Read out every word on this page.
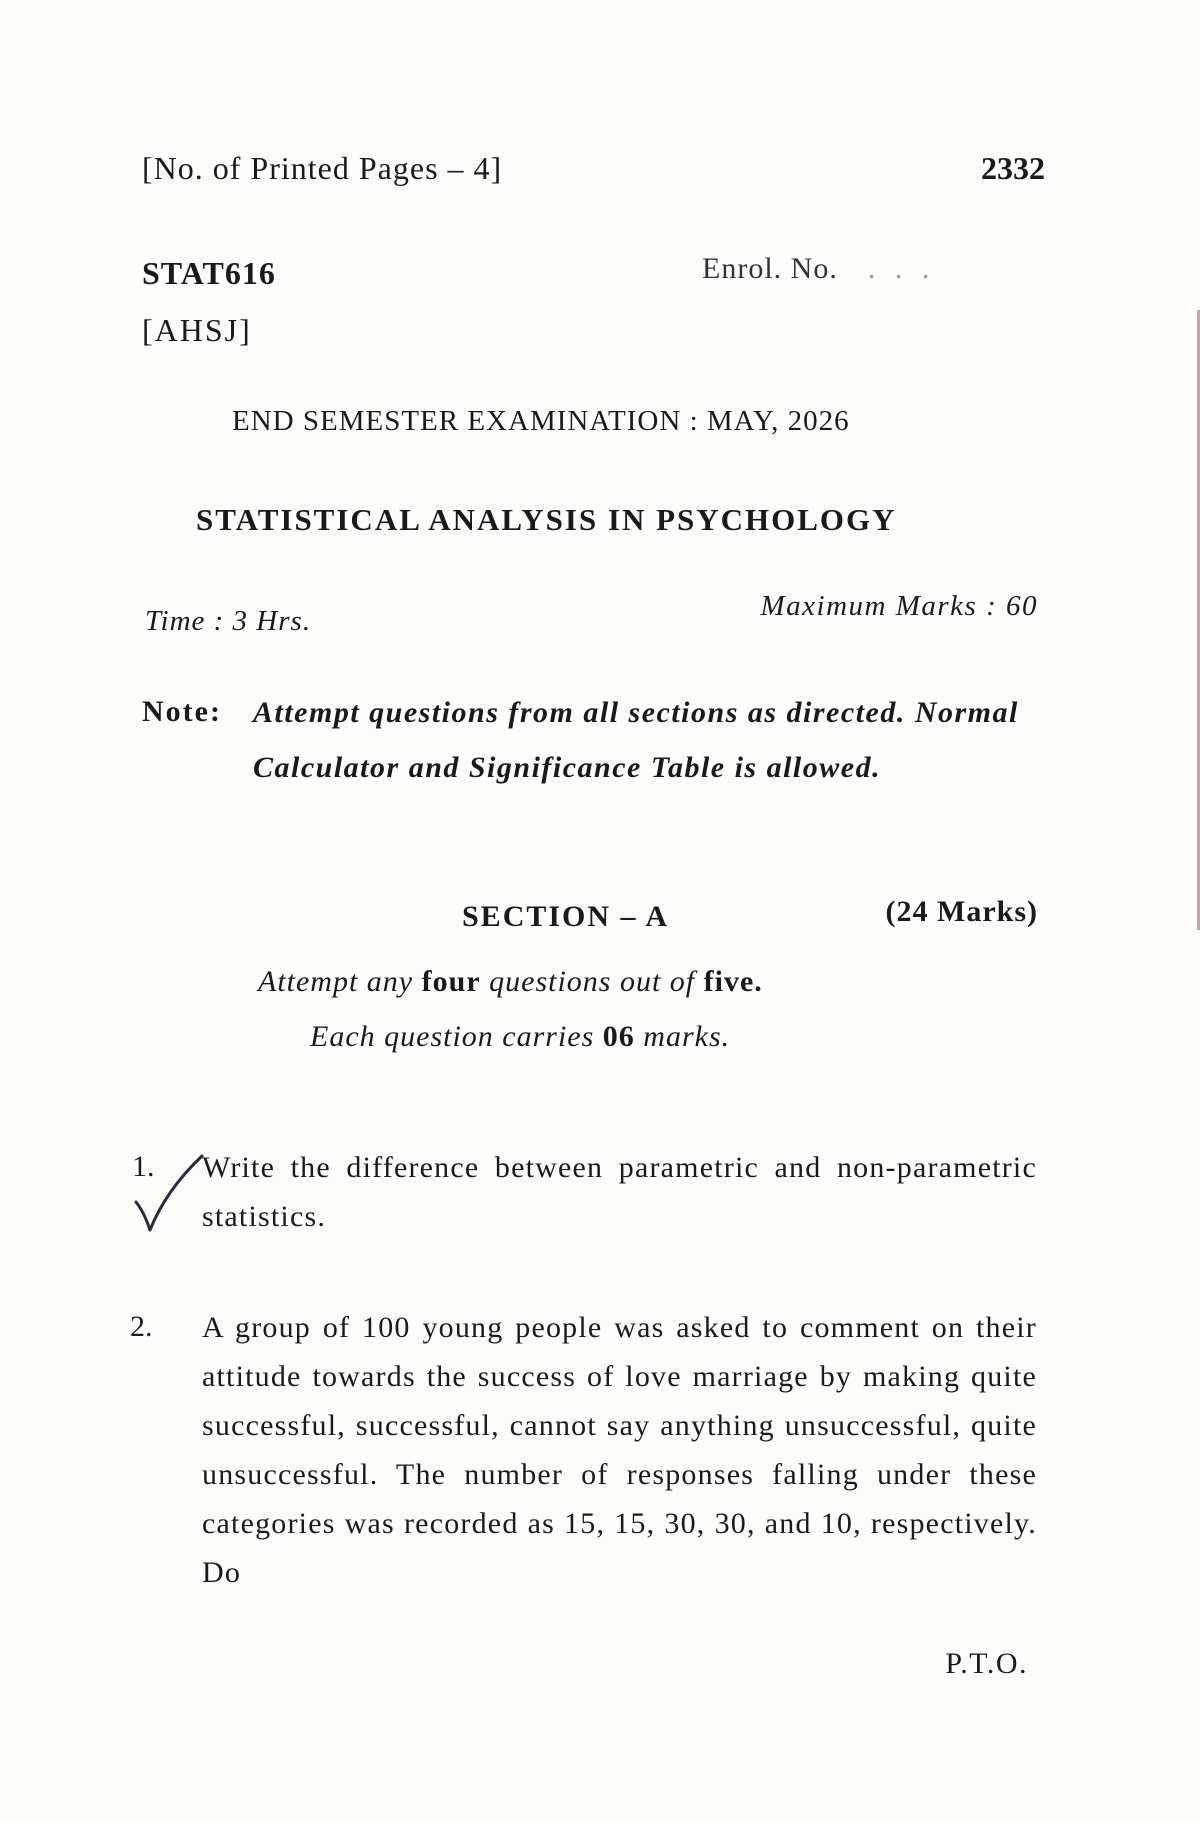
[No. of Printed Pages – 4]	2332
STAT616	Enrol. No. . . .
[AHSJ]
END SEMESTER EXAMINATION : MAY, 2026
STATISTICAL ANALYSIS IN PSYCHOLOGY
Time : 3 Hrs.	Maximum Marks : 60
Note: Attempt questions from all sections as directed. Normal Calculator and Significance Table is allowed.
SECTION – A	(24 Marks)
Attempt any four questions out of five.
Each question carries 06 marks.
1. Write the difference between parametric and non-parametric statistics.
2. A group of 100 young people was asked to comment on their attitude towards the success of love marriage by making quite successful, successful, cannot say anything unsuccessful, quite unsuccessful. The number of responses falling under these categories was recorded as 15, 15, 30, 30, and 10, respectively. Do
P.T.O.
